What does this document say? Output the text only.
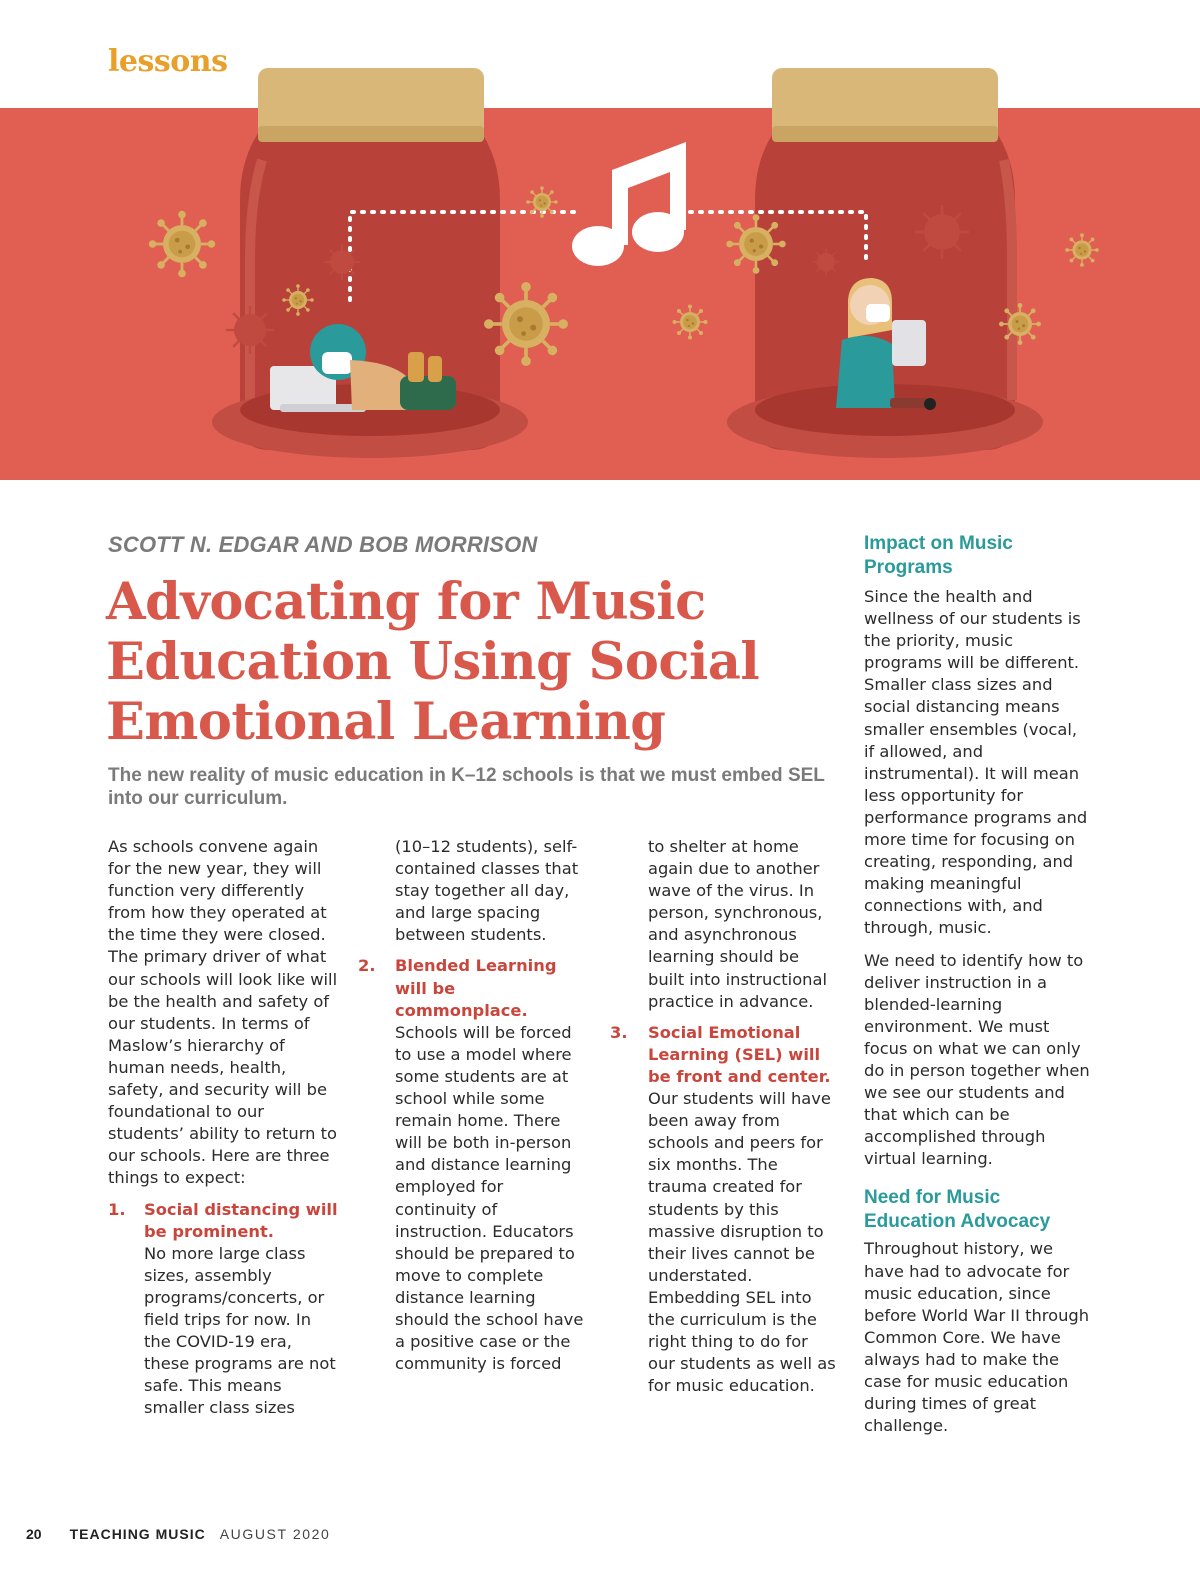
lessons
SCOTT N. EDGAR AND BOB MORRISON
Advocating for Music Education Using Social Emotional Learning
The new reality of music education in K–12 schools is that we must embed SEL into our curriculum.

As schools convene again for the new year, they will function very differently from how they operated at the time they were closed. The primary driver of what our schools will look like will be the health and safety of our students. In terms of Maslow’s hierarchy of human needs, health, safety, and security will be foundational to our students’ ability to return to our schools. Here are three things to expect:

1. Social distancing will be prominent.
No more large class sizes, assembly programs/concerts, or field trips for now. In the COVID-19 era, these programs are not safe. This means smaller class sizes

(10–12 students), self-contained classes that stay together all day, and large spacing between students.

2. Blended Learning will be commonplace.
Schools will be forced to use a model where some students are at school while some remain home. There will be both in-person and distance learning employed for continuity of instruction. Educators should be prepared to move to complete distance learning should the school have a positive case or the community is forced

to shelter at home again due to another wave of the virus. In person, synchronous, and asynchronous learning should be built into instructional practice in advance.

3. Social Emotional Learning (SEL) will be front and center.
Our students will have been away from schools and peers for six months. The trauma created for students by this massive disruption to their lives cannot be understated. Embedding SEL into the curriculum is the right thing to do for our students as well as for music education.
Impact on Music Programs

Since the health and wellness of our students is the priority, music programs will be different. Smaller class sizes and social distancing means smaller ensembles (vocal, if allowed, and instrumental). It will mean less opportunity for performance programs and more time for focusing on creating, responding, and making meaningful connections with, and through, music.

We need to identify how to deliver instruction in a blended-learning environment. We must focus on what we can only do in person together when we see our students and that which can be accomplished through virtual learning.

Need for Music Education Advocacy

Throughout history, we have had to advocate for music education, since before World War II through Common Core. We have always had to make the case for music education during times of great challenge.

20 TEACHING MUSIC AUGUST 2020
